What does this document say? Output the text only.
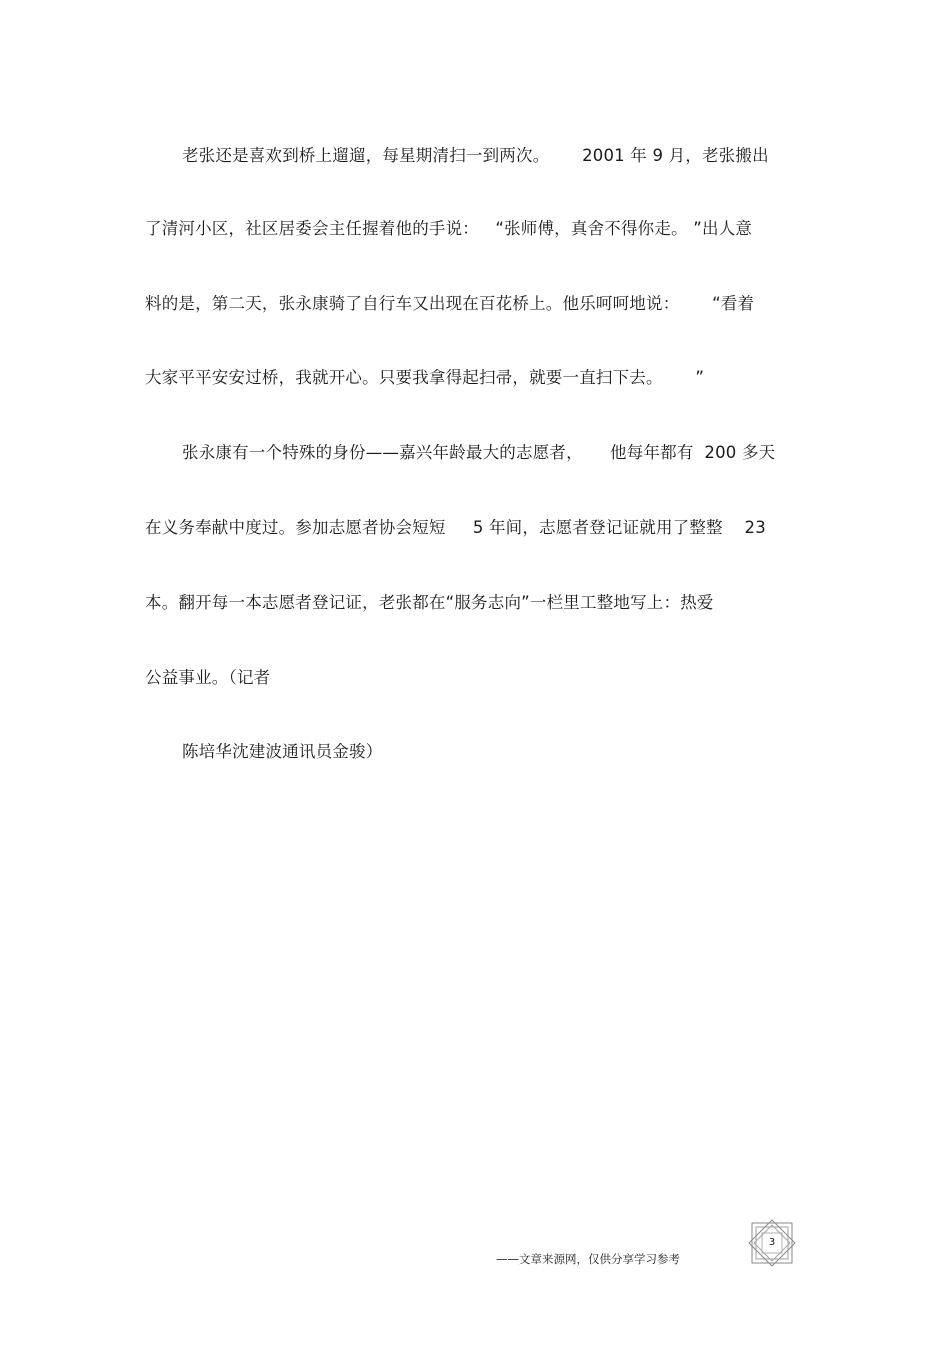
老张还是喜欢到桥上遛遛，每星期清扫一到两次。      2001 年 9 月，老张搬出
了清河小区，社区居委会主任握着他的手说：   “张师傅，真舍不得你走。 ”出人意
料的是，第二天，张永康骑了自行车又出现在百花桥上。他乐呵呵地说：      “看着
大家平平安安过桥，我就开心。只要我拿得起扫帚，就要一直扫下去。      ”
张永康有一个特殊的身份——嘉兴年龄最大的志愿者，     他每年都有  200 多天
在义务奉献中度过。参加志愿者协会短短     5 年间，志愿者登记证就用了整整    23
本。翻开每一本志愿者登记证，老张都在“服务志向”一栏里工整地写上：热爱
公益事业。（记者
陈培华沈建波通讯员金骏）
——文章来源网，仅供分享学习参考
3
